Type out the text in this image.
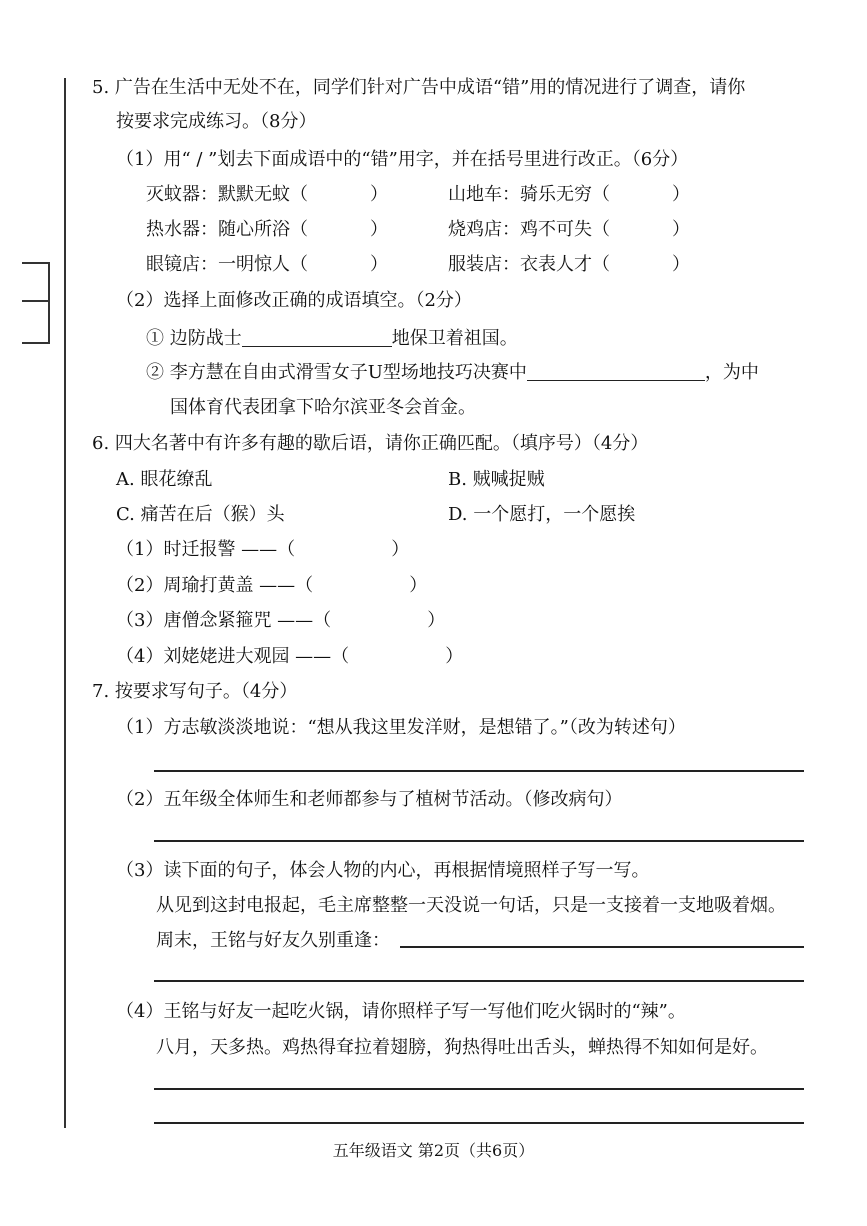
5. 广告在生活中无处不在，同学们针对广告中成语“错”用的情况进行了调查，请你
按要求完成练习。（8分）
（1）用“ / ”划去下面成语中的“错”用字，并在括号里进行改正。（6分）
灭蚊器：默默无蚊（	）	山地车：骑乐无穷（	）
热水器：随心所浴（	）	烧鸡店：鸡不可失（	）
眼镜店：一明惊人（	）	服装店：衣表人才（	）
（2）选择上面修改正确的成语填空。（2分）
① 边防战士	地保卫着祖国。
② 李方慧在自由式滑雪女子U型场地技巧决赛中	，为中
国体育代表团拿下哈尔滨亚冬会首金。
6. 四大名著中有许多有趣的歇后语，请你正确匹配。（填序号）（4分）
A. 眼花缭乱	B. 贼喊捉贼
C. 痛苦在后（猴）头	D. 一个愿打，一个愿挨
（1）时迁报警 ——（	）
（2）周瑜打黄盖 ——（	）
（3）唐僧念紧箍咒 ——（	）
（4）刘姥姥进大观园 ——（	）
7. 按要求写句子。（4分）
（1）方志敏淡淡地说：“想从我这里发洋财，是想错了。”（改为转述句）
（2）五年级全体师生和老师都参与了植树节活动。（修改病句）
（3）读下面的句子，体会人物的内心，再根据情境照样子写一写。
从见到这封电报起，毛主席整整一天没说一句话，只是一支接着一支地吸着烟。
周末，王铭与好友久别重逢：
（4）王铭与好友一起吃火锅，请你照样子写一写他们吃火锅时的“辣”。
八月，天多热。鸡热得耷拉着翅膀，狗热得吐出舌头，蝉热得不知如何是好。
五年级语文 第2页（共6页）
